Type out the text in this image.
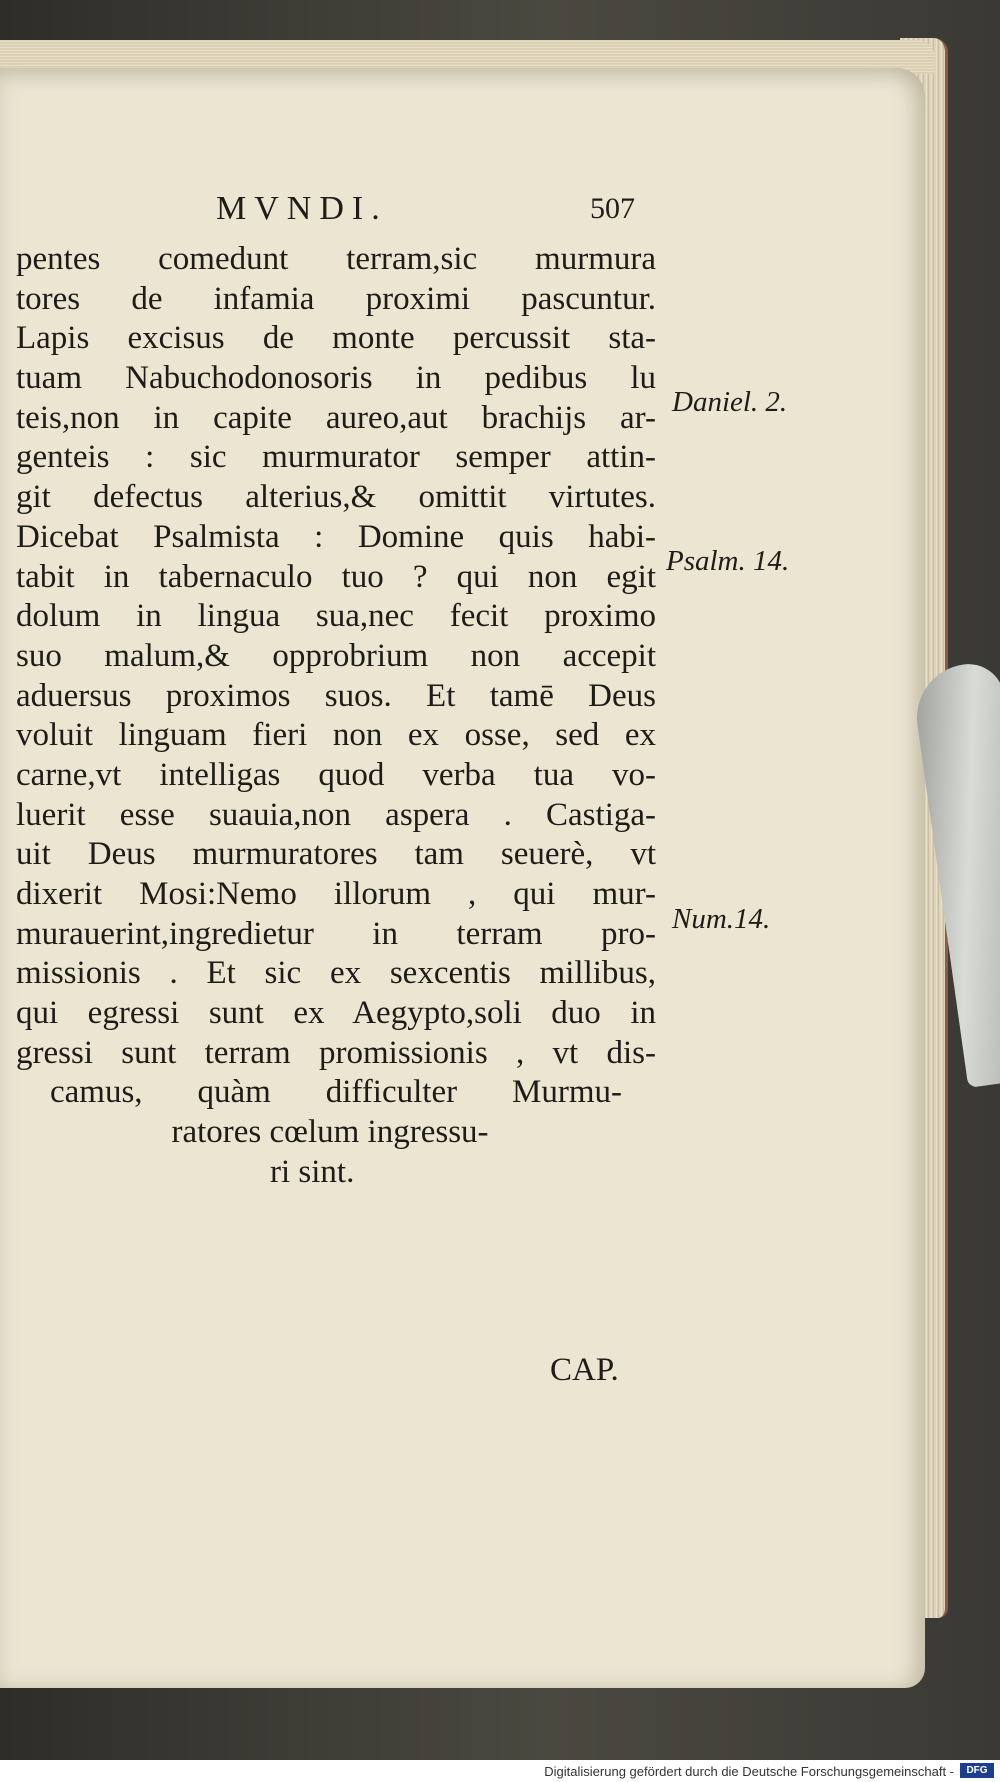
MVNDI.	507
pentes comedunt terram,sic murmura
tores de infamia proximi pascuntur.
Lapis excisus de monte percussit sta-
tuam Nabuchodonosoris in pedibus lu
teis,non in capite aureo,aut brachijs ar-
genteis : sic murmurator semper attin-
git defectus alterius,& omittit virtutes.
Dicebat Psalmista : Domine quis habi-
tabit in tabernaculo tuo ? qui non egit
dolum in lingua sua,nec fecit proximo
suo malum,& opprobrium non accepit
aduersus proximos suos. Et tamē Deus
voluit linguam fieri non ex osse, sed ex
carne,vt intelligas quod verba tua vo-
luerit esse suauia,non aspera . Castiga-
uit Deus murmuratores tam seuerè, vt
dixerit Mosi:Nemo illorum , qui mur-
murauerint,ingredietur in terram pro-
missionis . Et sic ex sexcentis millibus,
qui egressi sunt ex Aegypto,soli duo in
gressi sunt terram promissionis , vt dis-
camus, quàm difficulter Murmu-
ratores cœlum ingressu-
ri sint.
Daniel. 2.
Psalm. 14.
Num.14.
CAP.
Digitalisierung gefördert durch die Deutsche Forschungsgemeinschaft -	DFG
